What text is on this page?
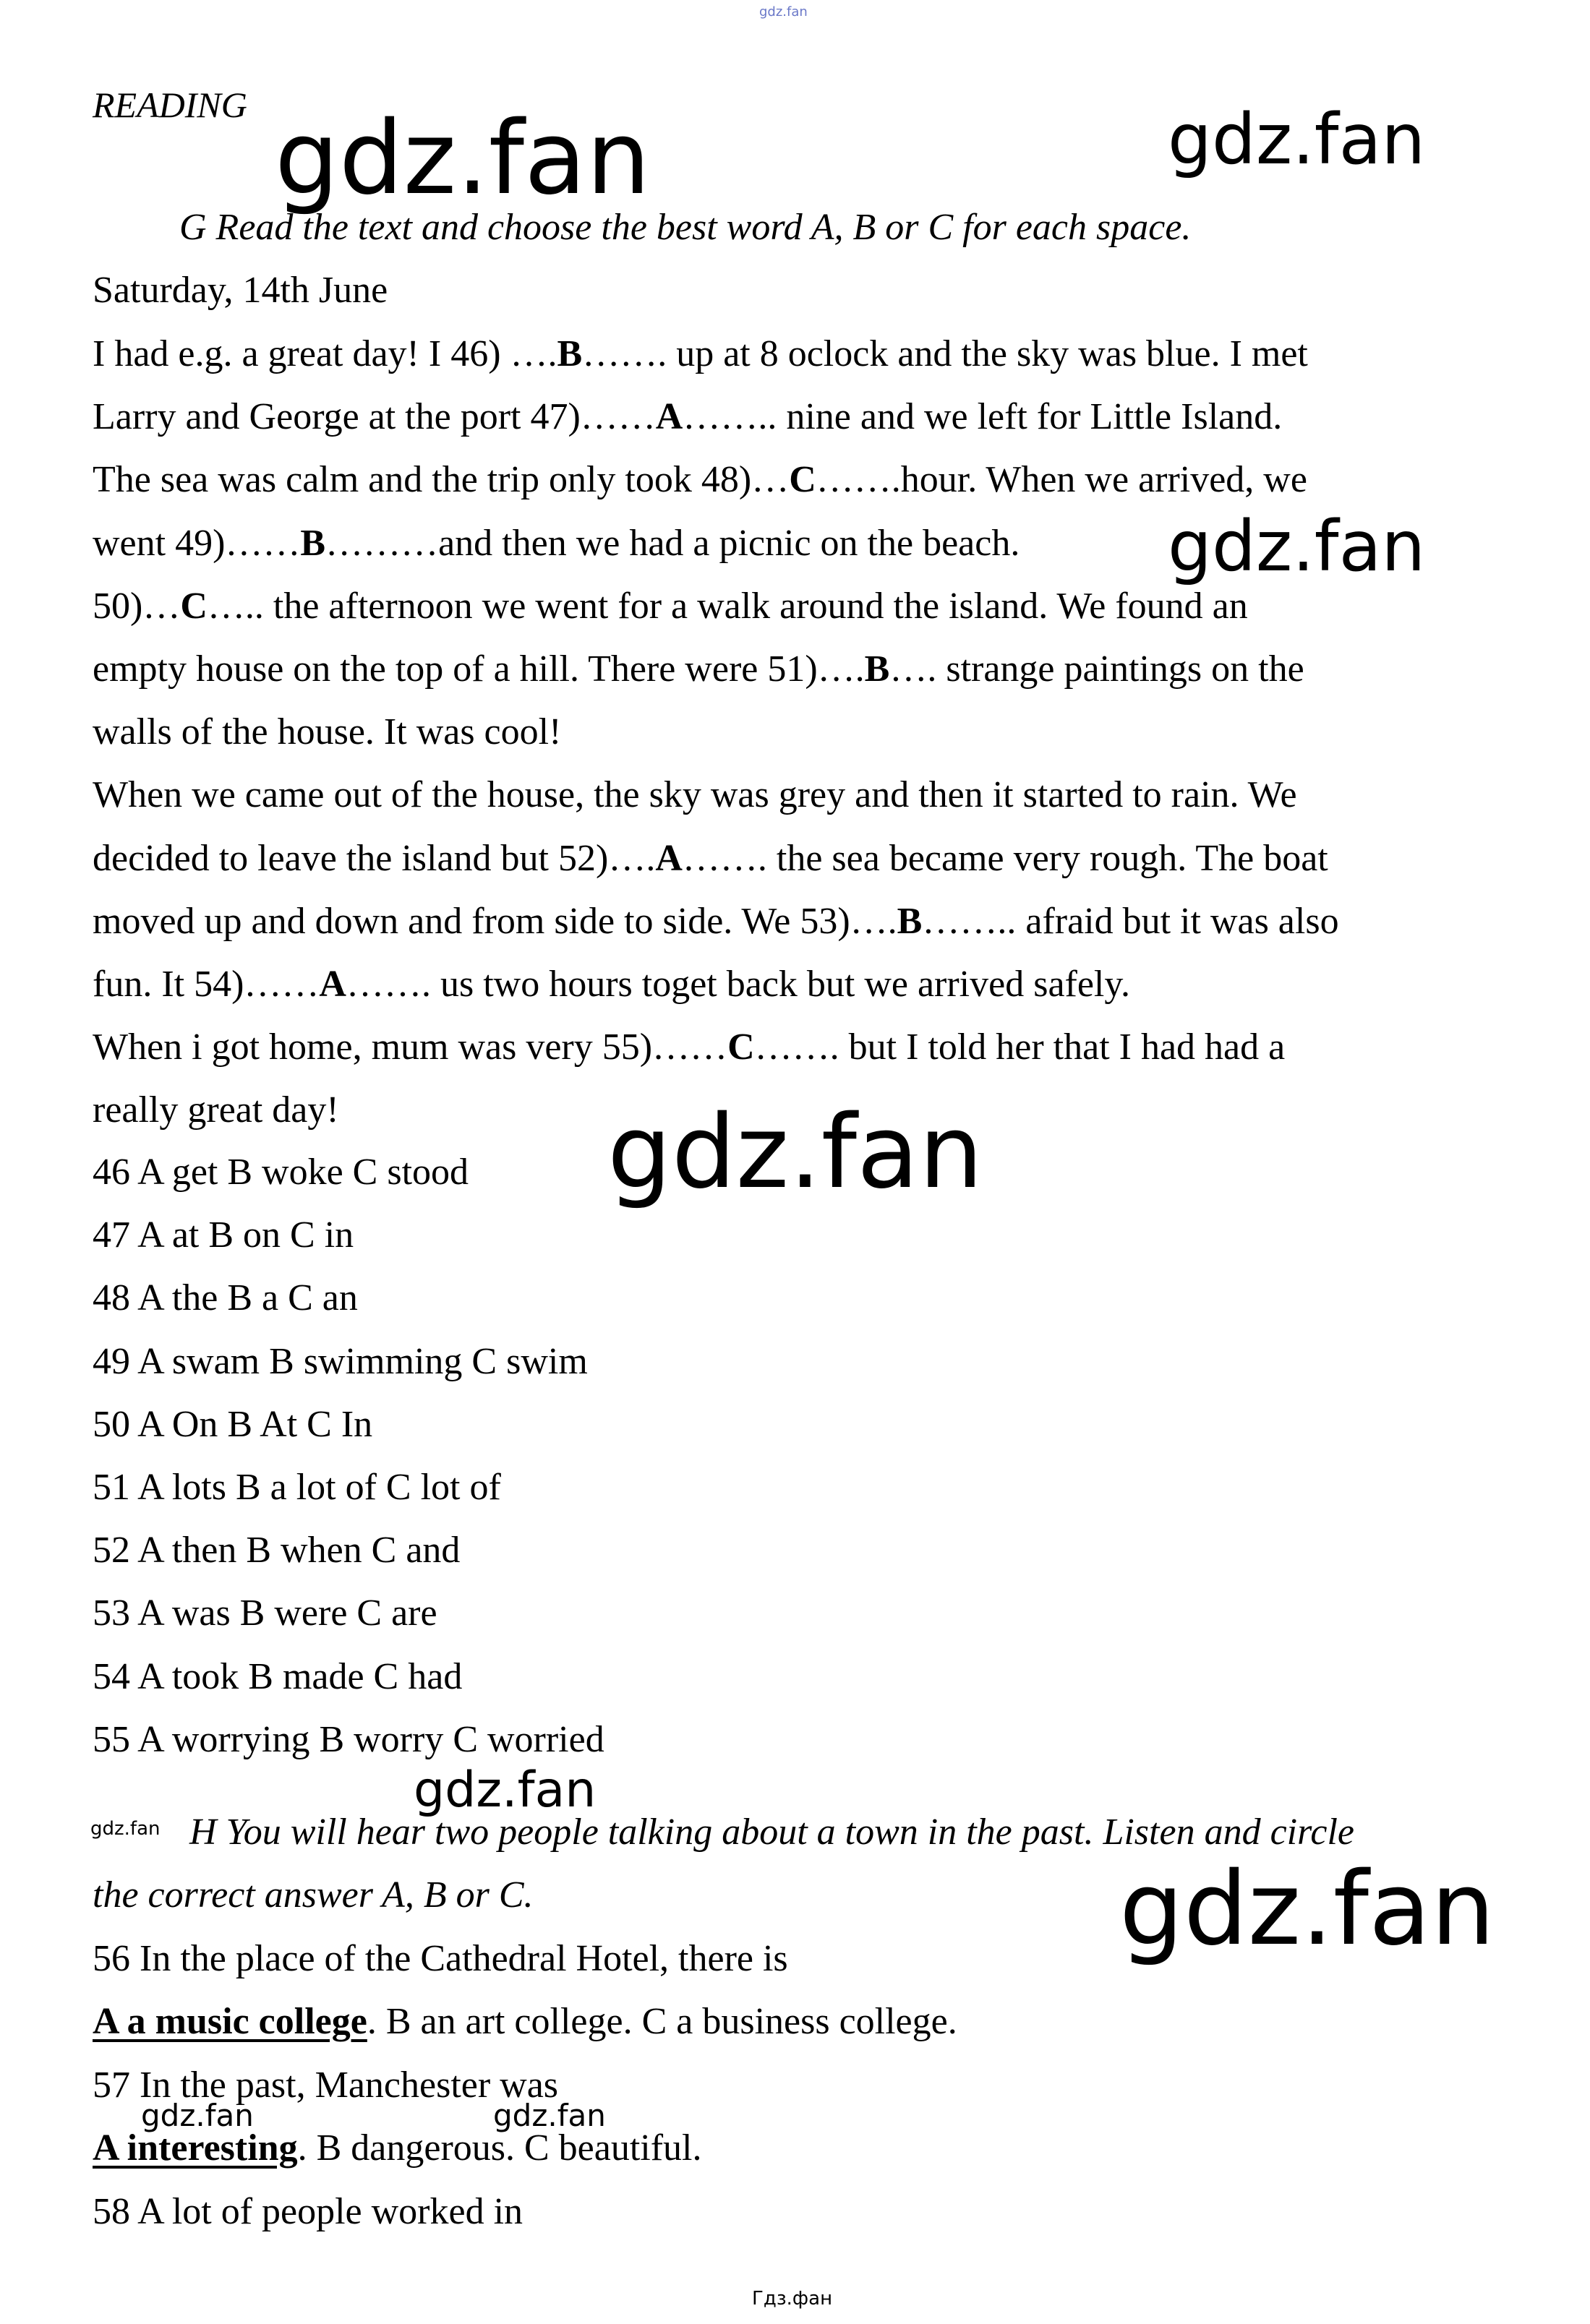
gdz.fan
READING
G Read the text and choose the best word A, B or C for each space.
Saturday, 14th June
I had e.g. a great day! I 46) ….B……. up at 8 oclock and the sky was blue. I met
Larry and George at the port 47)……A…….. nine and we left for Little Island.
The sea was calm and the trip only took 48)…C…….hour. When we arrived, we
went 49)……B………and then we had a picnic on the beach.
50)…C….. the afternoon we went for a walk around the island. We found an
empty house on the top of a hill. There were 51)….B…. strange paintings on the
walls of the house. It was cool!
When we came out of the house, the sky was grey and then it started to rain. We
decided to leave the island but 52)….A……. the sea became very rough. The boat
moved up and down and from side to side. We 53)….B…….. afraid but it was also
fun. It 54)……A……. us two hours toget back but we arrived safely.
When i got home, mum was very 55)……C……. but I told her that I had had a
really great day!
46 A get B woke C stood
47 A at B on C in
48 A the B a C an
49 A swam B swimming C swim
50 A On B At C In
51 A lots B a lot of C lot of
52 A then B when C and
53 A was B were C are
54 A took B made C had
55 A worrying B worry C worried
H You will hear two people talking about a town in the past. Listen and circle
the correct answer A, B or C.
56 In the place of the Cathedral Hotel, there is
A a music college. B an art college. C a business college.
57 In the past, Manchester was
A interesting. B dangerous. C beautiful.
58 A lot of people worked in
gdz.fan	gdz.fan
gdz.fan
gdz.fan
gdz.fan
gdz.fan
gdz.fan
gdz.fan	gdz.fan
Гдз.фан
